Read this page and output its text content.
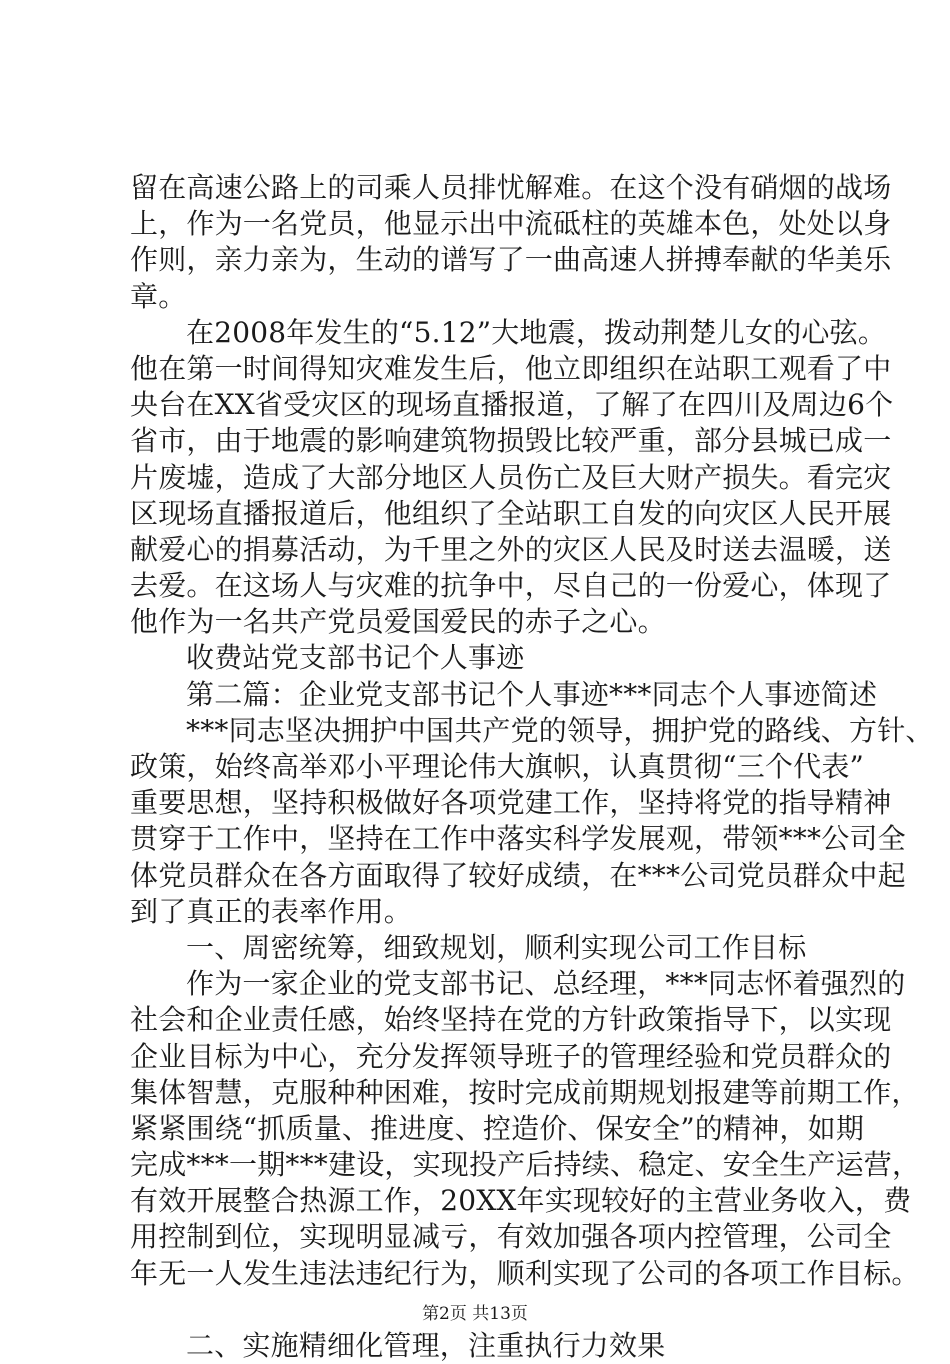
留在高速公路上的司乘人员排忧解难。在这个没有硝烟的战场
上，作为一名党员，他显示出中流砥柱的英雄本色，处处以身
作则，亲力亲为，生动的谱写了一曲高速人拼搏奉献的华美乐
章。
在2008年发生的“5.12”大地震，拨动荆楚儿女的心弦。
他在第一时间得知灾难发生后，他立即组织在站职工观看了中
央台在XX省受灾区的现场直播报道，了解了在四川及周边6个
省市，由于地震的影响建筑物损毁比较严重，部分县城已成一
片废墟，造成了大部分地区人员伤亡及巨大财产损失。看完灾
区现场直播报道后，他组织了全站职工自发的向灾区人民开展
献爱心的捐募活动，为千里之外的灾区人民及时送去温暖，送
去爱。在这场人与灾难的抗争中，尽自己的一份爱心，体现了
他作为一名共产党员爱国爱民的赤子之心。
收费站党支部书记个人事迹
第二篇：企业党支部书记个人事迹***同志个人事迹简述
***同志坚决拥护中国共产党的领导，拥护党的路线、方针、
政策，始终高举邓小平理论伟大旗帜，认真贯彻“三个代表”
重要思想，坚持积极做好各项党建工作，坚持将党的指导精神
贯穿于工作中，坚持在工作中落实科学发展观，带领***公司全
体党员群众在各方面取得了较好成绩，在***公司党员群众中起
到了真正的表率作用。
一、周密统筹，细致规划，顺利实现公司工作目标
作为一家企业的党支部书记、总经理，***同志怀着强烈的
社会和企业责任感，始终坚持在党的方针政策指导下，以实现
企业目标为中心，充分发挥领导班子的管理经验和党员群众的
集体智慧，克服种种困难，按时完成前期规划报建等前期工作，
紧紧围绕“抓质量、推进度、控造价、保安全”的精神，如期
完成***一期***建设，实现投产后持续、稳定、安全生产运营，
有效开展整合热源工作，20XX年实现较好的主营业务收入，费
用控制到位，实现明显减亏，有效加强各项内控管理，公司全
年无一人发生违法违纪行为，顺利实现了公司的各项工作目标。
二、实施精细化管理，注重执行力效果
第2页 共13页
